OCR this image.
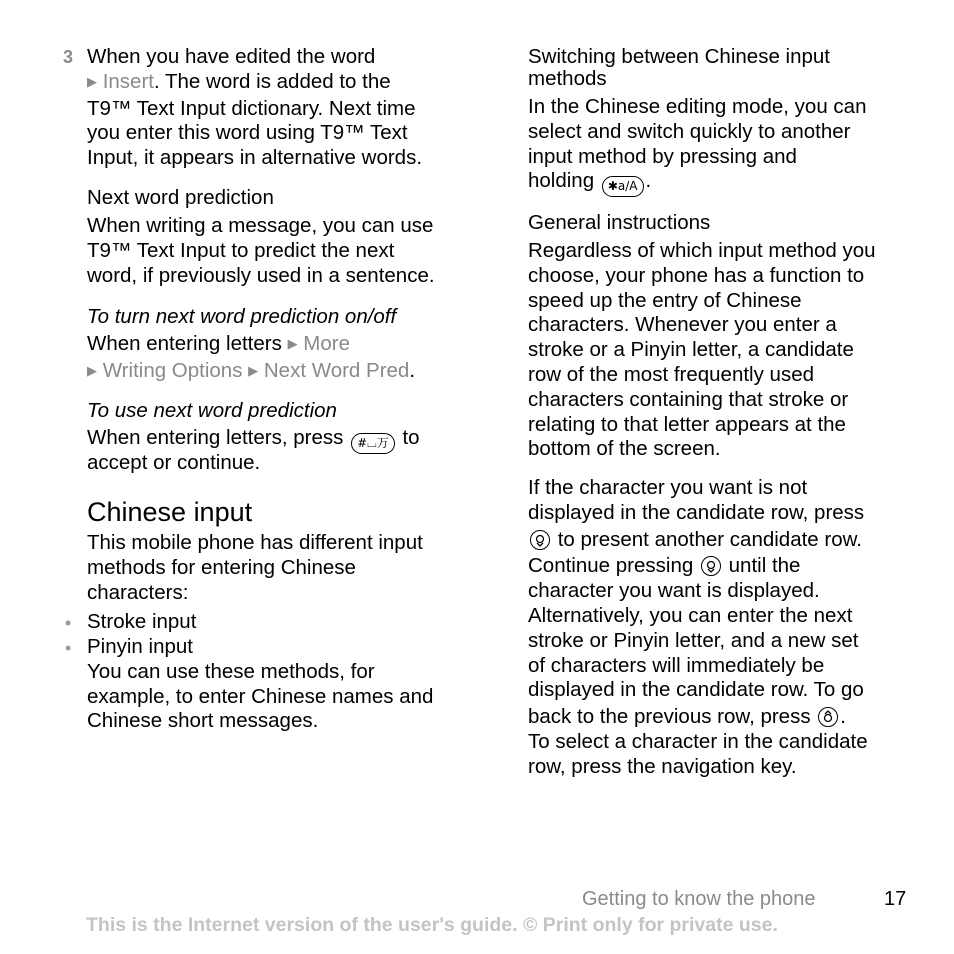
3 When you have edited the word
▶ Insert. The word is added to the
T9™ Text Input dictionary. Next time
you enter this word using T9™ Text
Input, it appears in alternative words.

Next word prediction

When writing a message, you can use
T9™ Text Input to predict the next
word, if previously used in a sentence.

To turn next word prediction on/off

When entering letters ▶ More
▶ Writing Options ▶ Next Word Pred.

To use next word prediction

When entering letters, press #⌴万 to
accept or continue.

Chinese input

This mobile phone has different input
methods for entering Chinese
characters:

• Stroke input

• Pinyin input
You can use these methods, for
example, to enter Chinese names and
Chinese short messages.

Switching between Chinese input
methods

In the Chinese editing mode, you can
select and switch quickly to another
input method by pressing and
holding ✱a/A .

General instructions

Regardless of which input method you
choose, your phone has a function to
speed up the entry of Chinese
characters. Whenever you enter a
stroke or a Pinyin letter, a candidate
row of the most frequently used
characters containing that stroke or
relating to that letter appears at the
bottom of the screen.

If the character you want is not
displayed in the candidate row, press

to present another candidate row.
Continue pressing until the
character you want is displayed.
Alternatively, you can enter the next
stroke or Pinyin letter, and a new set
of characters will immediately be
displayed in the candidate row. To go
back to the previous row, press .
To select a character in the candidate
row, press the navigation key.

Getting to know the phone	17
This is the Internet version of the user's guide. © Print only for private use.
